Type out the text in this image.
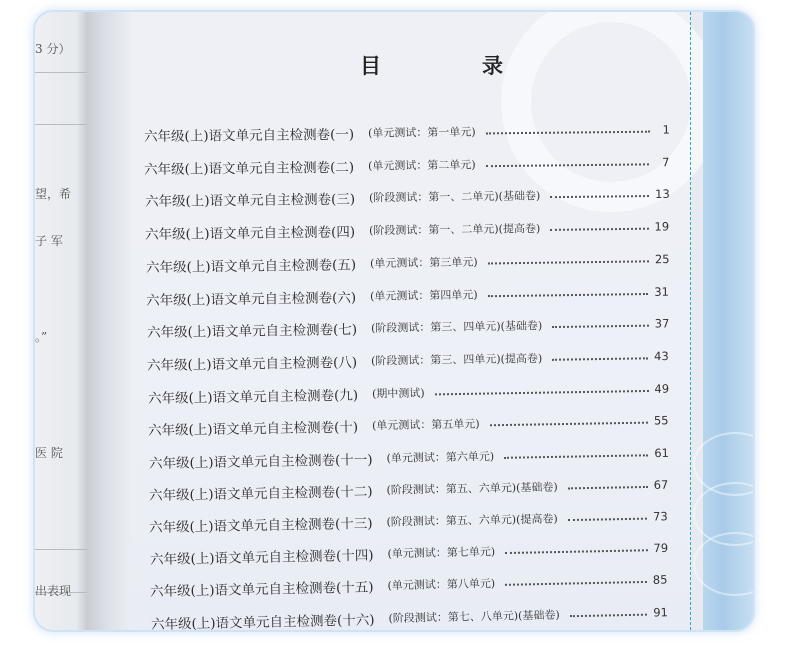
3 分）
望，希
子 军
。”
医 院
出表现
目　录
六年级(上)语文单元自主检测卷(一) (单元测试：第一单元)	1
六年级(上)语文单元自主检测卷(二) (单元测试：第二单元)	7
六年级(上)语文单元自主检测卷(三) (阶段测试：第一、二单元)(基础卷)	13
六年级(上)语文单元自主检测卷(四) (阶段测试：第一、二单元)(提高卷)	19
六年级(上)语文单元自主检测卷(五) (单元测试：第三单元)	25
六年级(上)语文单元自主检测卷(六) (单元测试：第四单元)	31
六年级(上)语文单元自主检测卷(七) (阶段测试：第三、四单元)(基础卷)	37
六年级(上)语文单元自主检测卷(八) (阶段测试：第三、四单元)(提高卷)	43
六年级(上)语文单元自主检测卷(九) (期中测试)	49
六年级(上)语文单元自主检测卷(十) (单元测试：第五单元)	55
六年级(上)语文单元自主检测卷(十一) (单元测试：第六单元)	61
六年级(上)语文单元自主检测卷(十二) (阶段测试：第五、六单元)(基础卷)	67
六年级(上)语文单元自主检测卷(十三) (阶段测试：第五、六单元)(提高卷)	73
六年级(上)语文单元自主检测卷(十四) (单元测试：第七单元)	79
六年级(上)语文单元自主检测卷(十五) (单元测试：第八单元)	85
六年级(上)语文单元自主检测卷(十六) (阶段测试：第七、八单元)(基础卷)	91
